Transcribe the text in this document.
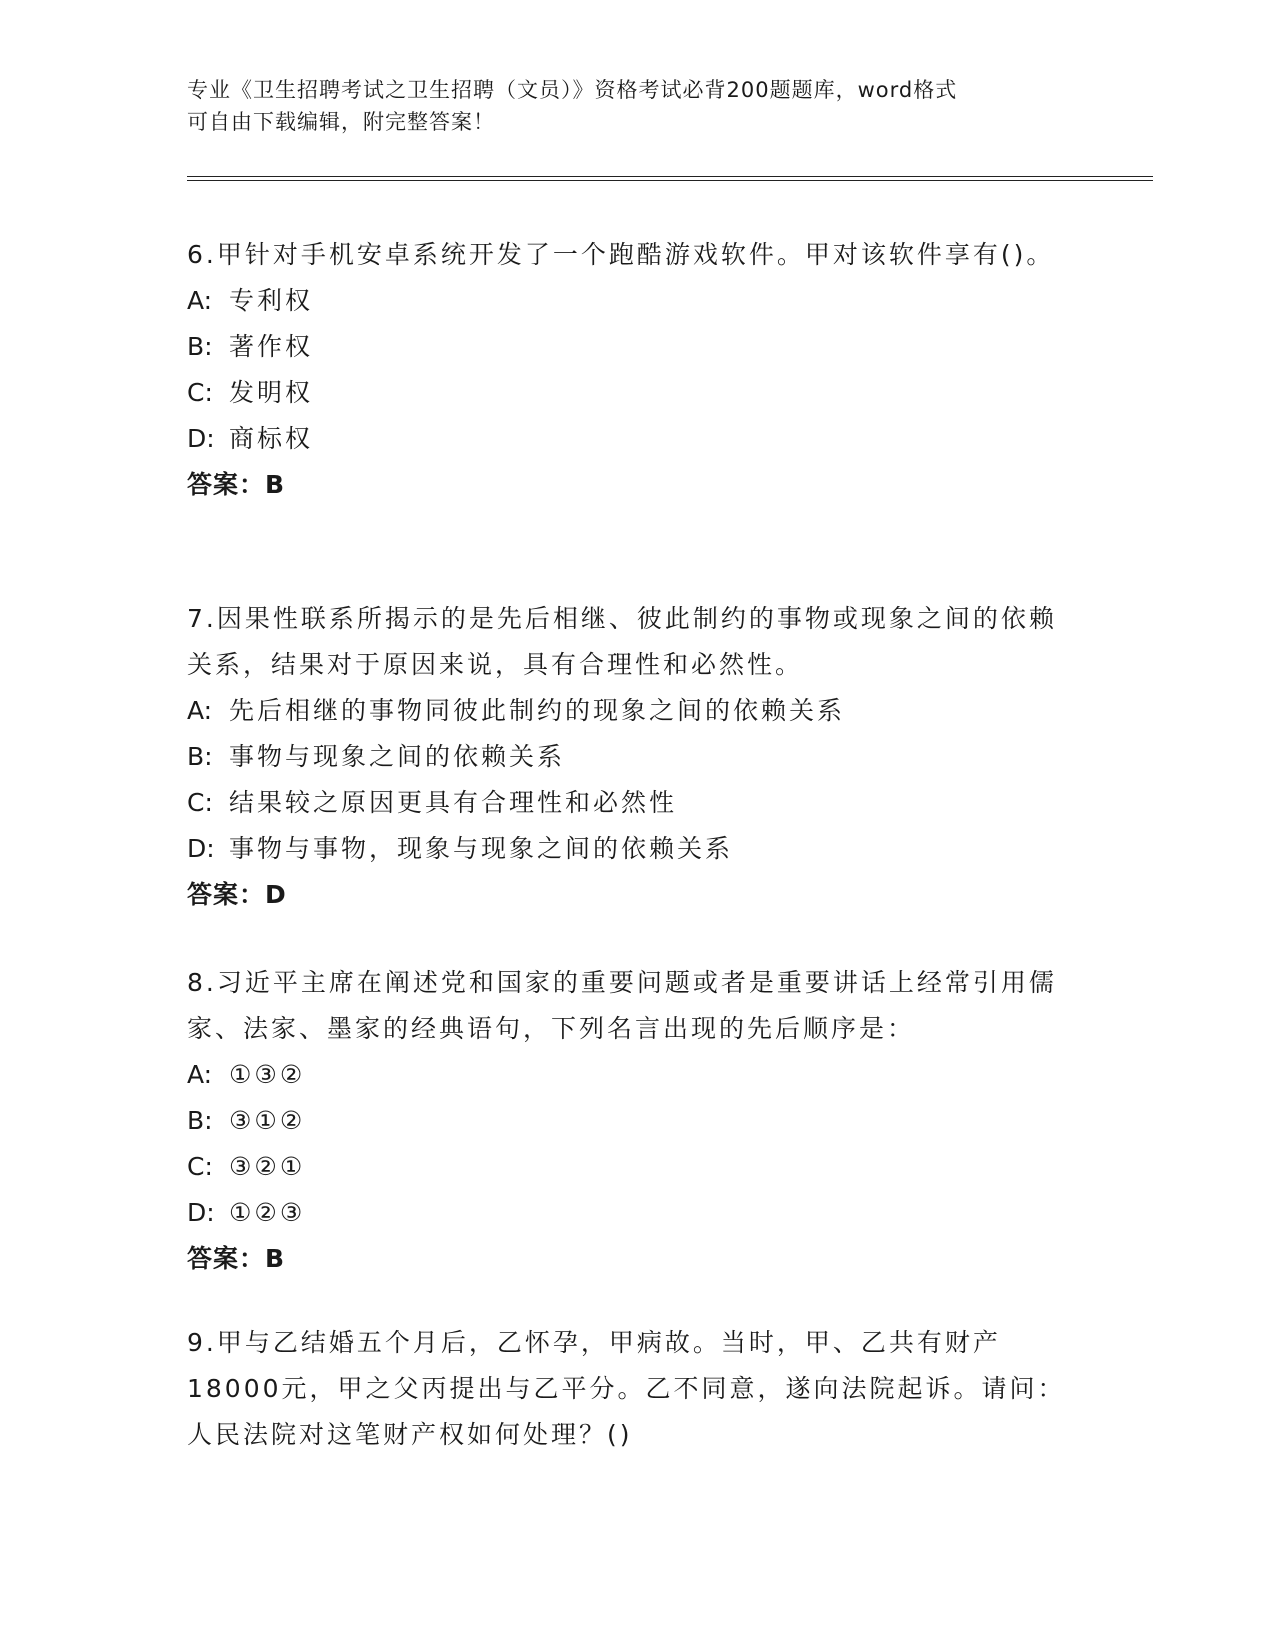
专业《卫生招聘考试之卫生招聘（文员）》资格考试必背200题题库，word格式
可自由下载编辑，附完整答案！

6.甲针对手机安卓系统开发了一个跑酷游戏软件。甲对该软件享有()。

A: 专利权
B: 著作权
C: 发明权
D: 商标权
答案：B

7.因果性联系所揭示的是先后相继、彼此制约的事物或现象之间的依赖关系，结果对于原因来说，具有合理性和必然性。

A: 先后相继的事物同彼此制约的现象之间的依赖关系
B: 事物与现象之间的依赖关系
C: 结果较之原因更具有合理性和必然性
D: 事物与事物，现象与现象之间的依赖关系
答案：D

8.习近平主席在阐述党和国家的重要问题或者是重要讲话上经常引用儒家、法家、墨家的经典语句，下列名言出现的先后顺序是：

A: ①③②
B: ③①②
C: ③②①
D: ①②③
答案：B

9.甲与乙结婚五个月后，乙怀孕，甲病故。当时，甲、乙共有财产18000元，甲之父丙提出与乙平分。乙不同意，遂向法院起诉。请问：人民法院对这笔财产权如何处理？()
